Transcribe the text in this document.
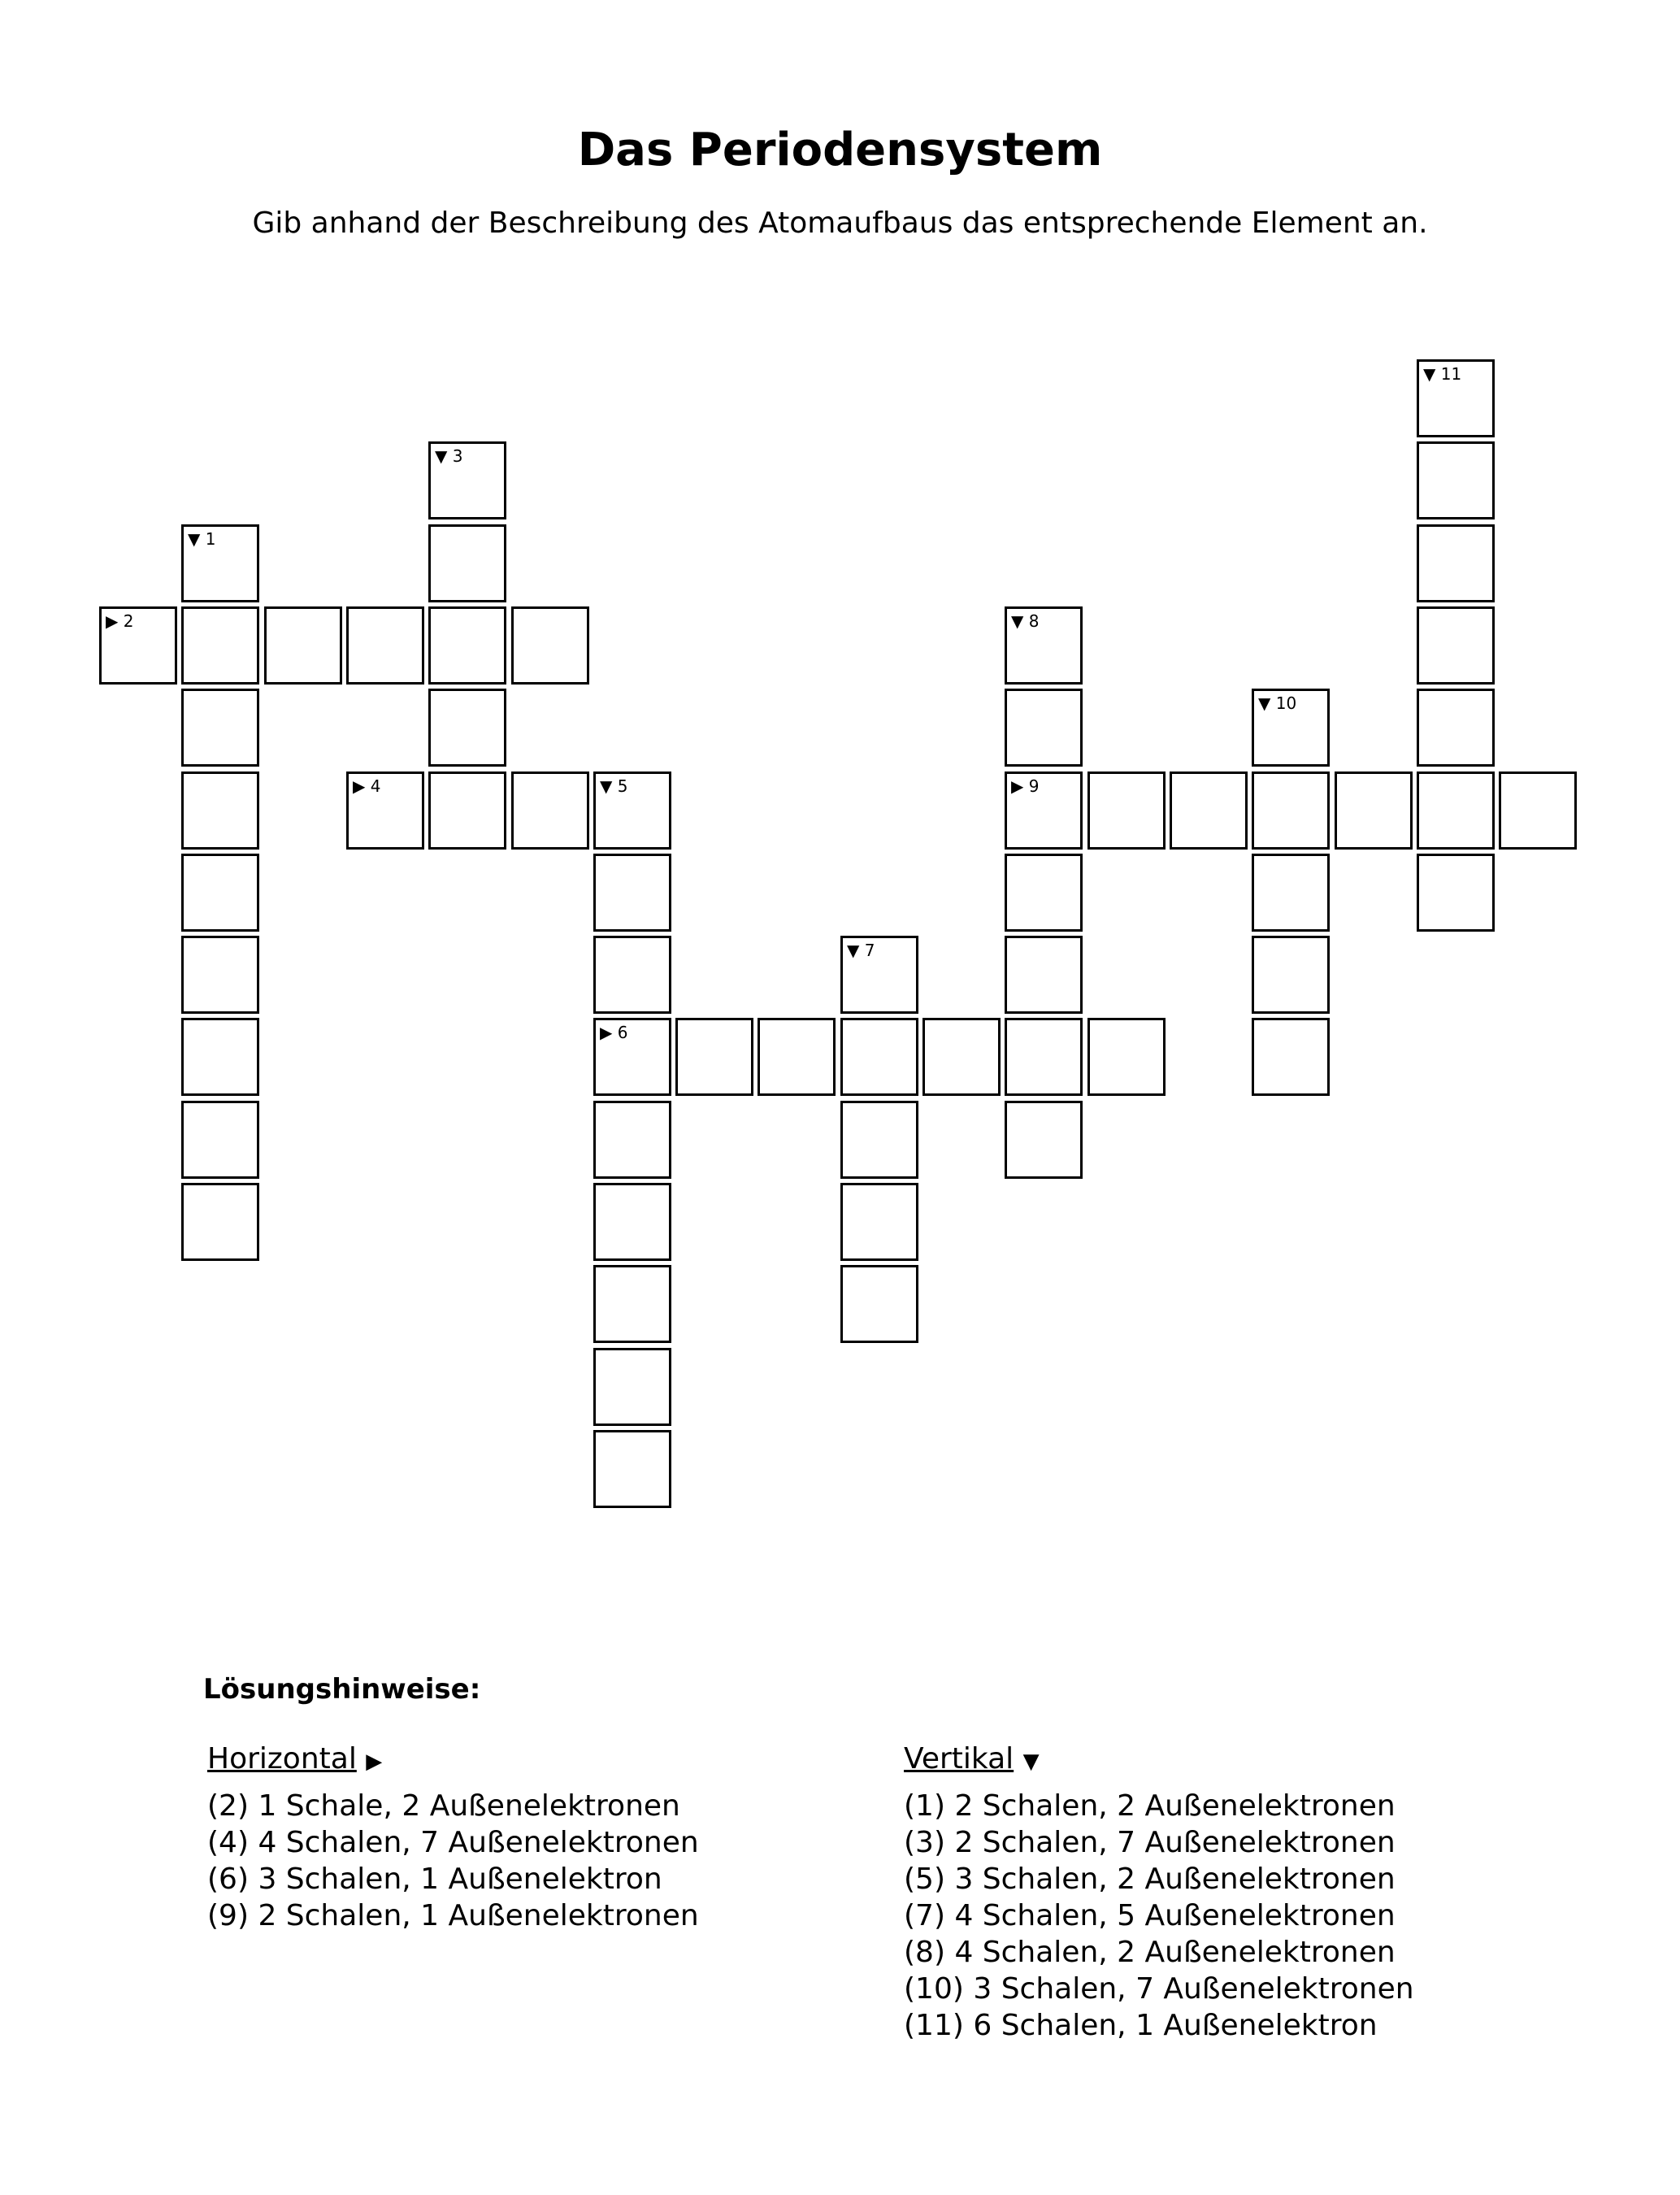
Das Periodensystem
Gib anhand der Beschreibung des Atomaufbaus das entsprechende Element an.
▼ 1
▶ 2
▼ 3
▶ 4	▼ 5
▶ 6
▼ 7
▼ 8
▶ 9
▼ 10
▼ 11
Lösungshinweise:
Horizontal ▶
(2) 1 Schale, 2 Außenelektronen
(4) 4 Schalen, 7 Außenelektronen
(6) 3 Schalen, 1 Außenelektron
(9) 2 Schalen, 1 Außenelektronen
Vertikal ▼
(1) 2 Schalen, 2 Außenelektronen
(3) 2 Schalen, 7 Außenelektronen
(5) 3 Schalen, 2 Außenelektronen
(7) 4 Schalen, 5 Außenelektronen
(8) 4 Schalen, 2 Außenelektronen
(10) 3 Schalen, 7 Außenelektronen
(11) 6 Schalen, 1 Außenelektron
